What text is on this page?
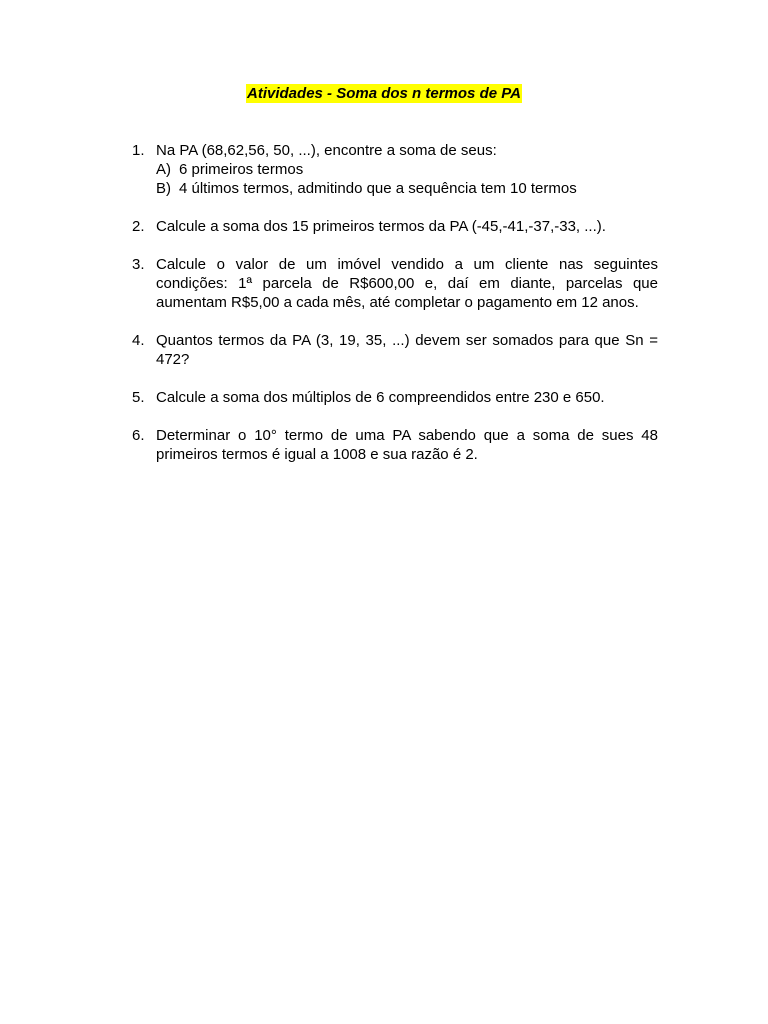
Atividades - Soma dos n termos de PA
1. Na PA (68,62,56, 50, ...), encontre a soma de seus:
A) 6 primeiros termos
B) 4 últimos termos, admitindo que a sequência tem 10 termos
2. Calcule a soma dos 15 primeiros termos da PA (-45,-41,-37,-33, ...).
3. Calcule o valor de um imóvel vendido a um cliente nas seguintes condições: 1ª parcela de R$600,00 e, daí em diante, parcelas que aumentam R$5,00 a cada mês, até completar o pagamento em 12 anos.
4. Quantos termos da PA (3, 19, 35, ...) devem ser somados para que Sn = 472?
5. Calcule a soma dos múltiplos de 6 compreendidos entre 230 e 650.
6. Determinar o 10° termo de uma PA sabendo que a soma de sues 48 primeiros termos é igual a 1008 e sua razão é 2.
